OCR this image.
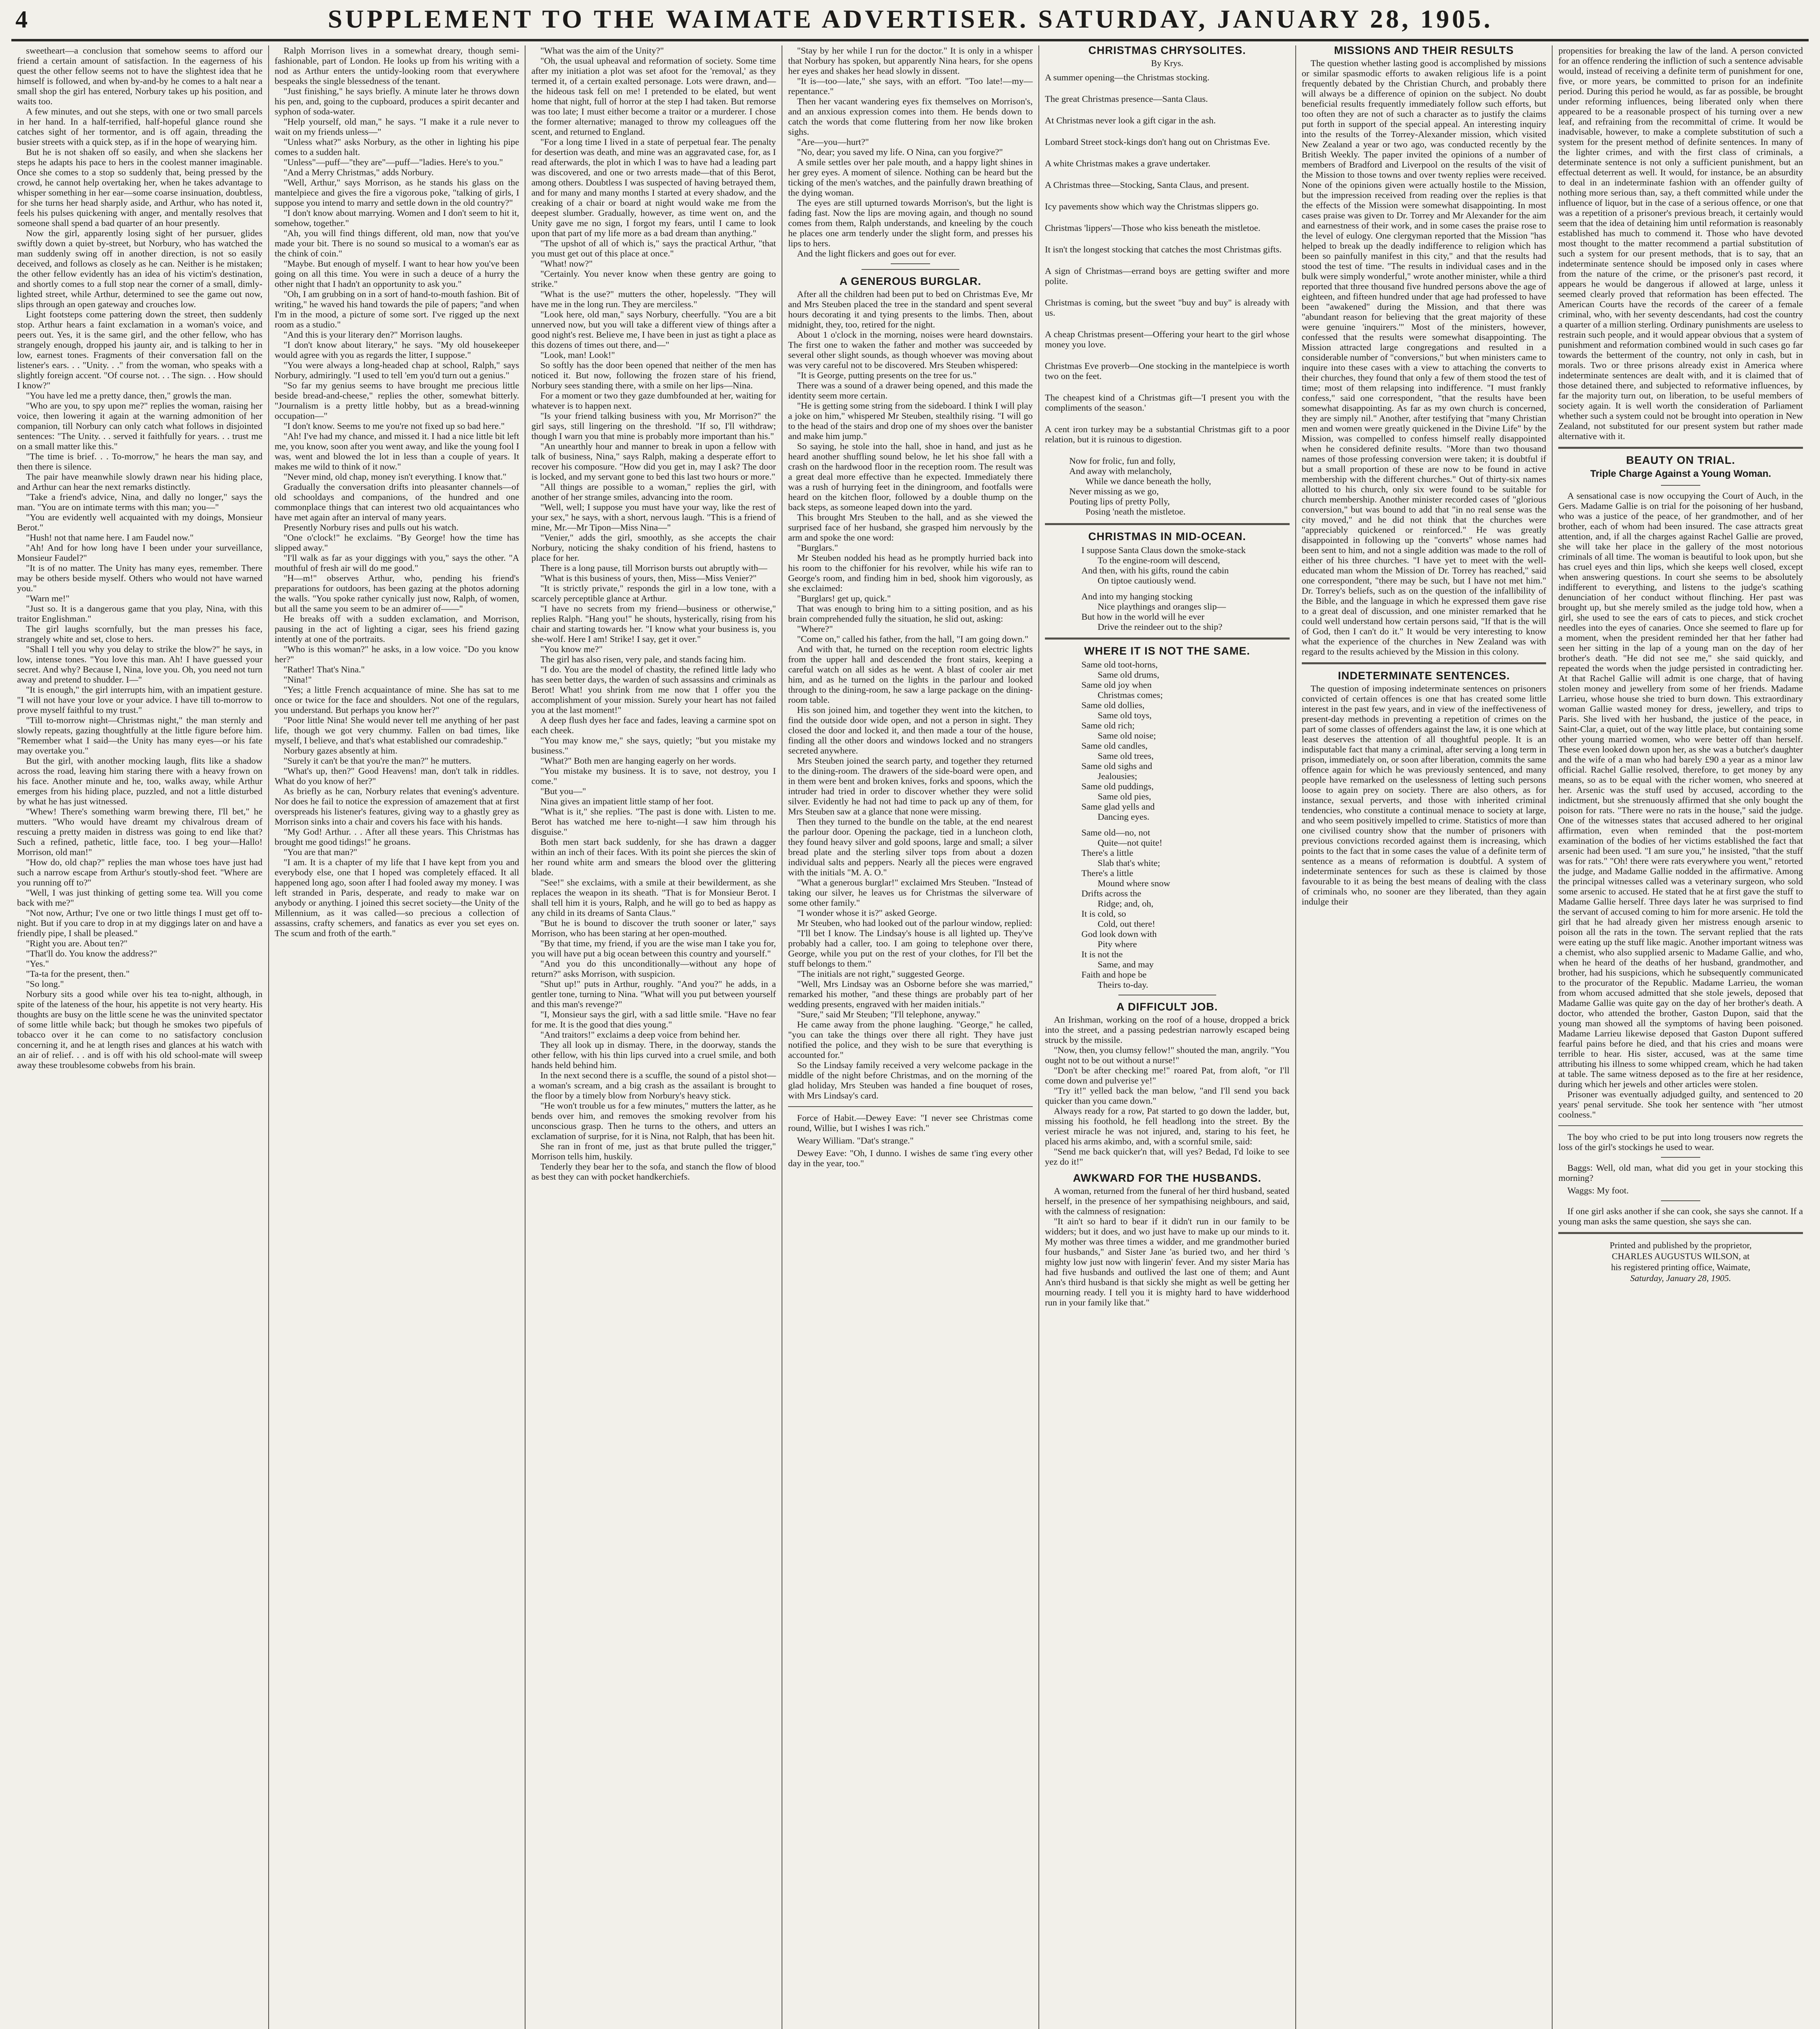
4	SUPPLEMENT TO THE WAIMATE ADVERTISER. SATURDAY, JANUARY 28, 1905.

sweetheart—a conclusion that somehow seems to afford our friend a certain amount of satisfaction. In the eagerness of his quest the other fellow seems not to have the slightest idea that he himself is followed, and when by-and-by he comes to a halt near a small shop the girl has entered, Norbury takes up his position, and waits too.

A few minutes, and out she steps, with one or two small parcels in her hand. In a half-terrified, half-hopeful glance round she catches sight of her tormentor, and is off again, threading the busier streets with a quick step, as if in the hope of wearying him.

But he is not shaken off so easily, and when she slackens her steps he adapts his pace to hers in the coolest manner imaginable. Once she comes to a stop so suddenly that, being pressed by the crowd, he cannot help overtaking her, when he takes advantage to whisper something in her ear—some coarse insinuation, doubtless, for she turns her head sharply aside, and Arthur, who has noted it, feels his pulses quickening with anger, and mentally resolves that someone shall spend a bad quarter of an hour presently.

Now the girl, apparently losing sight of her pursuer, glides swiftly down a quiet by-street, but Norbury, who has watched the man suddenly swing off in another direction, is not so easily deceived, and follows as closely as he can. Neither is he mistaken; the other fellow evidently has an idea of his victim's destination, and shortly comes to a full stop near the corner of a small, dimly-lighted street, while Arthur, determined to see the game out now, slips through an open gateway and crouches low.

Light footsteps come pattering down the street, then suddenly stop. Arthur hears a faint exclamation in a woman's voice, and peers out. Yes, it is the same girl, and the other fellow, who has strangely enough, dropped his jaunty air, and is talking to her in low, earnest tones. Fragments of their conversation fall on the listener's ears. . . "Unity. . ." from the woman, who speaks with a slightly foreign accent. "Of course not. . . The sign. . . How should I know?"

"You have led me a pretty dance, then," growls the man.

"Who are you, to spy upon me?" replies the woman, raising her voice, then lowering it again at the warning admonition of her companion, till Norbury can only catch what follows in disjointed sentences: "The Unity. . . served it faithfully for years. . . trust me on a small matter like this."

"The time is brief. . . To-morrow," he hears the man say, and then there is silence.

The pair have meanwhile slowly drawn near his hiding place, and Arthur can hear the next remarks distinctly.

"Take a friend's advice, Nina, and dally no longer," says the man. "You are on intimate terms with this man; you—"

"You are evidently well acquainted with my doings, Monsieur Berot."

"Hush! not that name here. I am Faudel now."

"Ah! And for how long have I been under your surveillance, Monsieur Faudel?"

"It is of no matter. The Unity has many eyes, remember. There may be others beside myself. Others who would not have warned you."

"Warn me!"

"Just so. It is a dangerous game that you play, Nina, with this traitor Englishman."

The girl laughs scornfully, but the man presses his face, strangely white and set, close to hers.

"Shall I tell you why you delay to strike the blow?" he says, in low, intense tones. "You love this man. Ah! I have guessed your secret. And why? Because I, Nina, love you. Oh, you need not turn away and pretend to shudder. I—"

"It is enough," the girl interrupts him, with an impatient gesture. "I will not have your love or your advice. I have till to-morrow to prove myself faithful to my trust."

"Till to-morrow night—Christmas night," the man sternly and slowly repeats, gazing thoughtfully at the little figure before him. "Remember what I said—the Unity has many eyes—or his fate may overtake you."

But the girl, with another mocking laugh, flits like a shadow across the road, leaving him staring there with a heavy frown on his face. Another minute and he, too, walks away, while Arthur emerges from his hiding place, puzzled, and not a little disturbed by what he has just witnessed.

"Whew! There's something warm brewing there, I'll bet," he mutters. "Who would have dreamt my chivalrous dream of rescuing a pretty maiden in distress was going to end like that? Such a refined, pathetic, little face, too. I beg your—Hallo! Morrison, old man!"

"How do, old chap?" replies the man whose toes have just had such a narrow escape from Arthur's stoutly-shod feet. "Where are you running off to?"

"Well, I was just thinking of getting some tea. Will you come back with me?"

"Not now, Arthur; I've one or two little things I must get off to-night. But if you care to drop in at my diggings later on and have a friendly pipe, I shall be pleased."

"Right you are. About ten?"

"That'll do. You know the address?"

"Yes."

"Ta-ta for the present, then."

"So long."

Norbury sits a good while over his tea to-night, although, in spite of the lateness of the hour, his appetite is not very hearty. His thoughts are busy on the little scene he was the uninvited spectator of some little while back; but though he smokes two pipefuls of tobacco over it he can come to no satisfactory conclusion concerning it, and he at length rises and glances at his watch with an air of relief. . . and is off with his old school-mate will sweep away these troublesome cobwebs from his brain.

Ralph Morrison lives in a somewhat dreary, though semi-fashionable, part of London. He looks up from his writing with a nod as Arthur enters the untidy-looking room that everywhere bespeaks the single blessedness of the tenant.

"Just finishing," he says briefly. A minute later he throws down his pen, and, going to the cupboard, produces a spirit decanter and syphon of soda-water.

"Help yourself, old man," he says. "I make it a rule never to wait on my friends unless—"

"Unless what?" asks Norbury, as the other in lighting his pipe comes to a sudden halt.

"Unless"—puff—"they are"—puff—"ladies. Here's to you."

"And a Merry Christmas," adds Norbury.

"Well, Arthur," says Morrison, as he stands his glass on the mantelpiece and gives the fire a vigorous poke, "talking of girls, I suppose you intend to marry and settle down in the old country?"

"I don't know about marrying. Women and I don't seem to hit it, somehow, together."

"Ah, you will find things different, old man, now that you've made your bit. There is no sound so musical to a woman's ear as the chink of coin."

"Maybe. But enough of myself. I want to hear how you've been going on all this time. You were in such a deuce of a hurry the other night that I hadn't an opportunity to ask you."

"Oh, I am grubbing on in a sort of hand-to-mouth fashion. Bit of writing," he waved his hand towards the pile of papers; "and when I'm in the mood, a picture of some sort. I've rigged up the next room as a studio."

"And this is your literary den?" Morrison laughs.

"I don't know about literary," he says. "My old housekeeper would agree with you as regards the litter, I suppose."

"You were always a long-headed chap at school, Ralph," says Norbury, admiringly. "I used to tell 'em you'd turn out a genius."

"So far my genius seems to have brought me precious little beside bread-and-cheese," replies the other, somewhat bitterly. "Journalism is a pretty little hobby, but as a bread-winning occupation—"

"I don't know. Seems to me you're not fixed up so bad here."

"Ah! I've had my chance, and missed it. I had a nice little bit left me, you know, soon after you went away, and like the young fool I was, went and blowed the lot in less than a couple of years. It makes me wild to think of it now."

"Never mind, old chap, money isn't everything. I know that."

Gradually the conversation drifts into pleasanter channels—of old schooldays and companions, of the hundred and one commonplace things that can interest two old acquaintances who have met again after an interval of many years.

Presently Norbury rises and pulls out his watch.

"One o'clock!" he exclaims. "By George! how the time has slipped away."

"I'll walk as far as your diggings with you," says the other. "A mouthful of fresh air will do me good."

"H—m!" observes Arthur, who, pending his friend's preparations for outdoors, has been gazing at the photos adorning the walls. "You spoke rather cynically just now, Ralph, of women, but all the same you seem to be an admirer of——"

He breaks off with a sudden exclamation, and Morrison, pausing in the act of lighting a cigar, sees his friend gazing intently at one of the portraits.

"Who is this woman?" he asks, in a low voice. "Do you know her?"

"Rather! That's Nina."

"Nina!"

"Yes; a little French acquaintance of mine. She has sat to me once or twice for the face and shoulders. Not one of the regulars, you understand. But perhaps you know her?"

"Poor little Nina! She would never tell me anything of her past life, though we got very chummy. Fallen on bad times, like myself, I believe, and that's what established our comradeship."

Norbury gazes absently at him.

"Surely it can't be that you're the man?" he mutters.

"What's up, then?" Good Heavens! man, don't talk in riddles. What do you know of her?"

As briefly as he can, Norbury relates that evening's adventure. Nor does he fail to notice the expression of amazement that at first overspreads his listener's features, giving way to a ghastly grey as Morrison sinks into a chair and covers his face with his hands.

"My God! Arthur. . . After all these years. This Christmas has brought me good tidings!" he groans.

"You are that man?"

"I am. It is a chapter of my life that I have kept from you and everybody else, one that I hoped was completely effaced. It all happened long ago, soon after I had fooled away my money. I was left stranded in Paris, desperate, and ready to make war on anybody or anything. I joined this secret society—the Unity of the Millennium, as it was called—so precious a collection of assassins, crafty schemers, and fanatics as ever you set eyes on. The scum and froth of the earth."

"What was the aim of the Unity?"

"Oh, the usual upheaval and reformation of society. Some time after my initiation a plot was set afoot for the 'removal,' as they termed it, of a certain exalted personage. Lots were drawn, and—the hideous task fell on me! I pretended to be elated, but went home that night, full of horror at the step I had taken. But remorse was too late; I must either become a traitor or a murderer. I chose the former alternative; managed to throw my colleagues off the scent, and returned to England.

"For a long time I lived in a state of perpetual fear. The penalty for desertion was death, and mine was an aggravated case, for, as I read afterwards, the plot in which I was to have had a leading part was discovered, and one or two arrests made—that of this Berot, among others. Doubtless I was suspected of having betrayed them, and for many and many months I started at every shadow, and the creaking of a chair or board at night would wake me from the deepest slumber. Gradually, however, as time went on, and the Unity gave me no sign, I forgot my fears, until I came to look upon that part of my life more as a bad dream than anything."

"The upshot of all of which is," says the practical Arthur, "that you must get out of this place at once."

"What! now?"

"Certainly. You never know when these gentry are going to strike."

"What is the use?" mutters the other, hopelessly. "They will have me in the long run. They are merciless."

"Look here, old man," says Norbury, cheerfully. "You are a bit unnerved now, but you will take a different view of things after a good night's rest. Believe me, I have been in just as tight a place as this dozens of times out there, and—"

"Look, man! Look!"

So softly has the door been opened that neither of the men has noticed it. But now, following the frozen stare of his friend, Norbury sees standing there, with a smile on her lips—Nina.

For a moment or two they gaze dumbfounded at her, waiting for whatever is to happen next.

"Is your friend talking business with you, Mr Morrison?" the girl says, still lingering on the threshold. "If so, I'll withdraw; though I warn you that mine is probably more important than his."

"An unearthly hour and manner to break in upon a fellow with talk of business, Nina," says Ralph, making a desperate effort to recover his composure. "How did you get in, may I ask? The door is locked, and my servant gone to bed this last two hours or more."

"All things are possible to a woman," replies the girl, with another of her strange smiles, advancing into the room.

"Well, well; I suppose you must have your way, like the rest of your sex," he says, with a short, nervous laugh. "This is a friend of mine, Mr.—Mr Tipon—Miss Nina—"

"Venier," adds the girl, smoothly, as she accepts the chair Norbury, noticing the shaky condition of his friend, hastens to place for her.

There is a long pause, till Morrison bursts out abruptly with—

"What is this business of yours, then, Miss—Miss Venier?"

"It is strictly private," responds the girl in a low tone, with a scarcely perceptible glance at Arthur.

"I have no secrets from my friend—business or otherwise," replies Ralph. "Hang you!" he shouts, hysterically, rising from his chair and starting towards her. "I know what your business is, you she-wolf. Here I am! Strike! I say, get it over."

"You know me?"

The girl has also risen, very pale, and stands facing him.

"I do. You are the model of chastity, the refined little lady who has seen better days, the warden of such assassins and criminals as Berot! What! you shrink from me now that I offer you the accomplishment of your mission. Surely your heart has not failed you at the last moment!"

A deep flush dyes her face and fades, leaving a carmine spot on each cheek.

"You may know me," she says, quietly; "but you mistake my business."

"What?" Both men are hanging eagerly on her words.

"You mistake my business. It is to save, not destroy, you I come."

"But you—"

Nina gives an impatient little stamp of her foot.

"What is it," she replies. "The past is done with. Listen to me. Berot has watched me here to-night—I saw him through his disguise."

Both men start back suddenly, for she has drawn a dagger within an inch of their faces. With its point she pierces the skin of her round white arm and smears the blood over the glittering blade.

"See!" she exclaims, with a smile at their bewilderment, as she replaces the weapon in its sheath. "That is for Monsieur Berot. I shall tell him it is yours, Ralph, and he will go to bed as happy as any child in its dreams of Santa Claus."

"But he is bound to discover the truth sooner or later," says Morrison, who has been staring at her open-mouthed.

"By that time, my friend, if you are the wise man I take you for, you will have put a big ocean between this country and yourself."

"And you do this unconditionally—without any hope of return?" asks Morrison, with suspicion.

"Shut up!" puts in Arthur, roughly. "And you?" he adds, in a gentler tone, turning to Nina. "What will you put between yourself and this man's revenge?"

"I, Monsieur says the girl, with a sad little smile. "Have no fear for me. It is the good that dies young."

"And traitors!" exclaims a deep voice from behind her.

They all look up in dismay. There, in the doorway, stands the other fellow, with his thin lips curved into a cruel smile, and both hands held behind him.

In the next second there is a scuffle, the sound of a pistol shot—a woman's scream, and a big crash as the assailant is brought to the floor by a timely blow from Norbury's heavy stick.

"He won't trouble us for a few minutes," mutters the latter, as he bends over him, and removes the smoking revolver from his unconscious grasp. Then he turns to the others, and utters an exclamation of surprise, for it is Nina, not Ralph, that has been hit.

She ran in front of me, just as that brute pulled the trigger," Morrison tells him, huskily.

Tenderly they bear her to the sofa, and stanch the flow of blood as best they can with pocket handkerchiefs.

"Stay by her while I run for the doctor." It is only in a whisper that Norbury has spoken, but apparently Nina hears, for she opens her eyes and shakes her head slowly in dissent.

"It is—too—late," she says, with an effort. "Too late!—my—repentance."

Then her vacant wandering eyes fix themselves on Morrison's, and an anxious expression comes into them. He bends down to catch the words that come fluttering from her now like broken sighs.

"Are—you—hurt?"

"No, dear; you saved my life. O Nina, can you forgive?"

A smile settles over her pale mouth, and a happy light shines in her grey eyes. A moment of silence. Nothing can be heard but the ticking of the men's watches, and the painfully drawn breathing of the dying woman.

The eyes are still upturned towards Morrison's, but the light is fading fast. Now the lips are moving again, and though no sound comes from them, Ralph understands, and kneeling by the couch he places one arm tenderly under the slight form, and presses his lips to hers.

And the light flickers and goes out for ever.

A GENEROUS BURGLAR.

After all the children had been put to bed on Christmas Eve, Mr and Mrs Steuben placed the tree in the standard and spent several hours decorating it and tying presents to the limbs. Then, about midnight, they, too, retired for the night.

About 1 o'clock in the morning, noises were heard downstairs. The first one to waken the father and mother was succeeded by several other slight sounds, as though whoever was moving about was very careful not to be discovered. Mrs Steuben whispered:

"It is George, putting presents on the tree for us."

There was a sound of a drawer being opened, and this made the identity seem more certain.

"He is getting some string from the sideboard. I think I will play a joke on him," whispered Mr Steuben, stealthily rising. "I will go to the head of the stairs and drop one of my shoes over the banister and make him jump."

So saying, he stole into the hall, shoe in hand, and just as he heard another shuffling sound below, he let his shoe fall with a crash on the hardwood floor in the reception room. The result was a great deal more effective than he expected. Immediately there was a rush of hurrying feet in the diningroom, and footfalls were heard on the kitchen floor, followed by a double thump on the back steps, as someone leaped down into the yard.

This brought Mrs Steuben to the hall, and as she viewed the surprised face of her husband, she grasped him nervously by the arm and spoke the one word:

"Burglars."

Mr Steuben nodded his head as he promptly hurried back into his room to the chiffonier for his revolver, while his wife ran to George's room, and finding him in bed, shook him vigorously, as she exclaimed:

"Burglars! get up, quick."

That was enough to bring him to a sitting position, and as his brain comprehended fully the situation, he slid out, asking:

"Where?"

"Come on," called his father, from the hall, "I am going down."

And with that, he turned on the reception room electric lights from the upper hall and descended the front stairs, keeping a careful watch on all sides as he went. A blast of cooler air met him, and as he turned on the lights in the parlour and looked through to the dining-room, he saw a large package on the dining-room table.

His son joined him, and together they went into the kitchen, to find the outside door wide open, and not a person in sight. They closed the door and locked it, and then made a tour of the house, finding all the other doors and windows locked and no strangers secreted anywhere.

Mrs Steuben joined the search party, and together they returned to the dining-room. The drawers of the side-board were open, and in them were bent and broken knives, forks and spoons, which the intruder had tried in order to discover whether they were solid silver. Evidently he had not had time to pack up any of them, for Mrs Steuben saw at a glance that none were missing.

Then they turned to the bundle on the table, at the end nearest the parlour door. Opening the package, tied in a luncheon cloth, they found heavy silver and gold spoons, large and small; a silver bread plate and the sterling silver tops from about a dozen individual salts and peppers. Nearly all the pieces were engraved with the initials "M. A. O."

"What a generous burglar!" exclaimed Mrs Steuben. "Instead of taking our silver, he leaves us for Christmas the silverware of some other family."

"I wonder whose it is?" asked George.

Mr Steuben, who had looked out of the parlour window, replied:

"I'll bet I know. The Lindsay's house is all lighted up. They've probably had a caller, too. I am going to telephone over there, George, while you put on the rest of your clothes, for I'll bet the stuff belongs to them."

"The initials are not right," suggested George.

"Well, Mrs Lindsay was an Osborne before she was married," remarked his mother, "and these things are probably part of her wedding presents, engraved with her maiden initials."

"Sure," said Mr Steuben; "I'll telephone, anyway."

He came away from the phone laughing. "George," he called, "you can take the things over there all right. They have just notified the police, and they wish to be sure that everything is accounted for."

So the Lindsay family received a very welcome package in the middle of the night before Christmas, and on the morning of the glad holiday, Mrs Steuben was handed a fine bouquet of roses, with Mrs Lindsay's card.

Force of Habit.—Dewey Eave: "I never see Christmas come round, Willie, but I wishes I was rich."

Weary William. "Dat's strange."

Dewey Eave: "Oh, I dunno. I wishes de same t'ing every other day in the year, too."

CHRISTMAS CHRYSOLITES.
By Krys.

A summer opening—the Christmas stocking.

The great Christmas presence—Santa Claus.

At Christmas never look a gift cigar in the ash.

Lombard Street stock-kings don't hang out on Christmas Eve.

A white Christmas makes a grave undertaker.

A Christmas three—Stocking, Santa Claus, and present.

Icy pavements show which way the Christmas slippers go.

Christmas 'lippers'—Those who kiss beneath the mistletoe.

It isn't the longest stocking that catches the most Christmas gifts.

A sign of Christmas—errand boys are getting swifter and more polite.

Christmas is coming, but the sweet "buy and buy" is already with us.

A cheap Christmas present—Offering your heart to the girl whose money you love.

Christmas Eve proverb—One stocking in the mantelpiece is worth two on the feet.

The cheapest kind of a Christmas gift—'I present you with the compliments of the season.'

A cent iron turkey may be a substantial Christmas gift to a poor relation, but it is ruinous to digestion.

Now for frolic, fun and folly,
And away with melancholy,
While we dance beneath the holly,
Never missing as we go,
Pouting lips of pretty Polly,
Posing 'neath the mistletoe.
CHRISTMAS IN MID-OCEAN.
I suppose Santa Claus down the smoke-stack
To the engine-room will descend,
And then, with his gifts, round the cabin
On tiptoe cautiously wend.
And into my hanging stocking
Nice playthings and oranges slip—
But how in the world will he ever
Drive the reindeer out to the ship?
WHERE IT IS NOT THE SAME.
Same old toot-horns,
Same old drums,
Same old joy when
Christmas comes;
Same old dollies,
Same old toys,
Same old rich;
Same old noise;
Same old candles,
Same old trees,
Same old sighs and
Jealousies;
Same old puddings,
Same old pies,
Same glad yells and
Dancing eyes.
Same old—no, not
Quite—not quite!
There's a little
Slab that's white;
There's a little
Mound where snow
Drifts across the
Ridge; and, oh,
It is cold, so
Cold, out there!
God look down with
Pity where
It is not the
Same, and may
Faith and hope be
Theirs to-day.
A DIFFICULT JOB.

An Irishman, working on the roof of a house, dropped a brick into the street, and a passing pedestrian narrowly escaped being struck by the missile.

"Now, then, you clumsy fellow!" shouted the man, angrily. "You ought not to be out without a nurse!"

"Don't be after checking me!" roared Pat, from aloft, "or I'll come down and pulverise ye!"

"Try it!" yelled back the man below, "and I'll send you back quicker than you came down."

Always ready for a row, Pat started to go down the ladder, but, missing his foothold, he fell headlong into the street. By the veriest miracle he was not injured, and, staring to his feet, he placed his arms akimbo, and, with a scornful smile, said:

"Send me back quicker'n that, will yes? Bedad, I'd loike to see yez do it!"

AWKWARD FOR THE HUSBANDS.

A woman, returned from the funeral of her third husband, seated herself, in the presence of her sympathising neighbours, and said, with the calmness of resignation:

"It ain't so hard to bear if it didn't run in our family to be widders; but it does, and wo just have to make up our minds to it. My mother was three times a widder, and me grandmother buried four husbands," and Sister Jane 'as buried two, and her third 's mighty low just now with lingerin' fever. And my sister Maria has had five husbands and outlived the last one of them; and Aunt Ann's third husband is that sickly she might as well be getting her mourning ready. I tell you it is mighty hard to have widderhood run in your family like that."

MISSIONS AND THEIR RESULTS

The question whether lasting good is accomplished by missions or similar spasmodic efforts to awaken religious life is a point frequently debated by the Christian Church, and probably there will always be a difference of opinion on the subject. No doubt beneficial results frequently immediately follow such efforts, but too often they are not of such a character as to justify the claims put forth in support of the special appeal. An interesting inquiry into the results of the Torrey-Alexander mission, which visited New Zealand a year or two ago, was conducted recently by the British Weekly. The paper invited the opinions of a number of members of Bradford and Liverpool on the results of the visit of the Mission to those towns and over twenty replies were received. None of the opinions given were actually hostile to the Mission, but the impression received from reading over the replies is that the effects of the Mission were somewhat disappointing. In most cases praise was given to Dr. Torrey and Mr Alexander for the aim and earnestness of their work, and in some cases the praise rose to the level of eulogy. One clergyman reported that the Mission "has helped to break up the deadly indifference to religion which has been so painfully manifest in this city," and that the results had stood the test of time. "The results in individual cases and in the bulk were simply wonderful," wrote another minister, while a third reported that three thousand five hundred persons above the age of eighteen, and fifteen hundred under that age had professed to have been "awakened" during the Mission, and that there was "abundant reason for believing that the great majority of these were genuine 'inquirers.'" Most of the ministers, however, confessed that the results were somewhat disappointing. The Mission attracted large congregations and resulted in a considerable number of "conversions," but when ministers came to inquire into these cases with a view to attaching the converts to their churches, they found that only a few of them stood the test of time; most of them relapsing into indifference. "I must frankly confess," said one correspondent, "that the results have been somewhat disappointing. As far as my own church is concerned, they are simply nil." Another, after testifying that "many Christian men and women were greatly quickened in the Divine Life" by the Mission, was compelled to confess himself really disappointed when he considered definite results. "More than two thousand names of those professing conversion were taken; it is doubtful if but a small proportion of these are now to be found in active membership with the different churches." Out of thirty-six names allotted to his church, only six were found to be suitable for church membership. Another minister recorded cases of "glorious conversion," but was bound to add that "in no real sense was the city moved," and he did not think that the churches were "appreciably quickened or reinforced." He was greatly disappointed in following up the "converts" whose names had been sent to him, and not a single addition was made to the roll of either of his three churches. "I have yet to meet with the well-educated man whom the Mission of Dr. Torrey has reached," said one correspondent, "there may be such, but I have not met him." Dr. Torrey's beliefs, such as on the question of the infallibility of the Bible, and the language in which he expressed them gave rise to a great deal of discussion, and one minister remarked that he could well understand how certain persons said, "If that is the will of God, then I can't do it." It would be very interesting to know what the experience of the churches in New Zealand was with regard to the results achieved by the Mission in this colony.

INDETERMINATE SENTENCES.

The question of imposing indeterminate sentences on prisoners convicted of certain offences is one that has created some little interest in the past few years, and in view of the ineffectiveness of present-day methods in preventing a repetition of crimes on the part of some classes of offenders against the law, it is one which at least deserves the attention of all thoughtful people. It is an indisputable fact that many a criminal, after serving a long term in prison, immediately on, or soon after liberation, commits the same offence again for which he was previously sentenced, and many people have remarked on the uselessness of letting such persons loose to again prey on society. There are also others, as for instance, sexual perverts, and those with inherited criminal tendencies, who constitute a continual menace to society at large, and who seem positively impelled to crime. Statistics of more than one civilised country show that the number of prisoners with previous convictions recorded against them is increasing, which points to the fact that in some cases the value of a definite term of sentence as a means of reformation is doubtful. A system of indeterminate sentences for such as these is claimed by those favourable to it as being the best means of dealing with the class of criminals who, no sooner are they liberated, than they again indulge their

propensities for breaking the law of the land. A person convicted for an offence rendering the infliction of such a sentence advisable would, instead of receiving a definite term of punishment for one, five, or more years, be committed to prison for an indefinite period. During this period he would, as far as possible, be brought under reforming influences, being liberated only when there appeared to be a reasonable prospect of his turning over a new leaf, and refraining from the recommittal of crime. It would be inadvisable, however, to make a complete substitution of such a system for the present method of definite sentences. In many of the lighter crimes, and with the first class of criminals, a determinate sentence is not only a sufficient punishment, but an effectual deterrent as well. It would, for instance, be an absurdity to deal in an indeterminate fashion with an offender guilty of nothing more serious than, say, a theft committed while under the influence of liquor, but in the case of a serious offence, or one that was a repetition of a prisoner's previous breach, it certainly would seem that the idea of detaining him until reformation is reasonably established has much to commend it. Those who have devoted most thought to the matter recommend a partial substitution of such a system for our present methods, that is to say, that an indeterminate sentence should be imposed only in cases where from the nature of the crime, or the prisoner's past record, it appears he would be dangerous if allowed at large, unless it seemed clearly proved that reformation has been effected. The American Courts have the records of the career of a female criminal, who, with her seventy descendants, had cost the country a quarter of a million sterling. Ordinary punishments are useless to restrain such people, and it would appear obvious that a system of punishment and reformation combined would in such cases go far towards the betterment of the country, not only in cash, but in morals. Two or three prisons already exist in America where indeterminate sentences are dealt with, and it is claimed that of those detained there, and subjected to reformative influences, by far the majority turn out, on liberation, to be useful members of society again. It is well worth the consideration of Parliament whether such a system could not be brought into operation in New Zealand, not substituted for our present system but rather made alternative with it.

BEAUTY ON TRIAL.
Triple Charge Against a Young Woman.

A sensational case is now occupying the Court of Auch, in the Gers. Madame Gallie is on trial for the poisoning of her husband, who was a justice of the peace, of her grandmother, and of her brother, each of whom had been insured. The case attracts great attention, and, if all the charges against Rachel Gallie are proved, she will take her place in the gallery of the most notorious criminals of all time. The woman is beautiful to look upon, but she has cruel eyes and thin lips, which she keeps well closed, except when answering questions. In court she seems to be absolutely indifferent to everything, and listens to the judge's scathing denunciation of her conduct without flinching. Her past was brought up, but she merely smiled as the judge told how, when a girl, she used to see the ears of cats to pieces, and stick crochet needles into the eyes of canaries. Once she seemed to flare up for a moment, when the president reminded her that her father had seen her sitting in the lap of a young man on the day of her brother's death. "He did not see me," she said quickly, and repeated the words when the judge persisted in contradicting her. At that Rachel Gallie will admit is one charge, that of having stolen money and jewellery from some of her friends. Madame Larrieu, whose house she tried to burn down. This extraordinary woman Gallie wasted money for dress, jewellery, and trips to Paris. She lived with her husband, the justice of the peace, in Saint-Clar, a quiet, out of the way little place, but containing some other young married women, who were better off than herself. These even looked down upon her, as she was a butcher's daughter and the wife of a man who had barely £90 a year as a minor law official. Rachel Gallie resolved, therefore, to get money by any means, so as to be equal with the richer women, who sneered at her. Arsenic was the stuff used by accused, according to the indictment, but she strenuously affirmed that she only bought the poison for rats. "There were no rats in the house," said the judge. One of the witnesses states that accused adhered to her original affirmation, even when reminded that the post-mortem examination of the bodies of her victims established the fact that arsenic had been used. "I am sure you," he insisted, "that the stuff was for rats." "Oh! there were rats everywhere you went," retorted the judge, and Madame Gallie nodded in the affirmative. Among the principal witnesses called was a veterinary surgeon, who sold some arsenic to accused. He stated that he at first gave the stuff to Madame Gallie herself. Three days later he was surprised to find the servant of accused coming to him for more arsenic. He told the girl that he had already given her mistress enough arsenic to poison all the rats in the town. The servant replied that the rats were eating up the stuff like magic. Another important witness was a chemist, who also supplied arsenic to Madame Gallie, and who, when he heard of the deaths of her husband, grandmother, and brother, had his suspicions, which he subsequently communicated to the procurator of the Republic. Madame Larrieu, the woman from whom accused admitted that she stole jewels, deposed that Madame Gallie was quite gay on the day of her brother's death. A doctor, who attended the brother, Gaston Dupon, said that the young man showed all the symptoms of having been poisoned. Madame Larrieu likewise deposed that Gaston Dupont suffered fearful pains before he died, and that his cries and moans were terrible to hear. His sister, accused, was at the same time attributing his illness to some whipped cream, which he had taken at table. The same witness deposed as to the fire at her residence, during which her jewels and other articles were stolen.

Prisoner was eventually adjudged guilty, and sentenced to 20 years' penal servitude. She took her sentence with "her utmost coolness."

The boy who cried to be put into long trousers now regrets the loss of the girl's stockings he used to wear.

Baggs: Well, old man, what did you get in your stocking this morning?

Waggs: My foot.

If one girl asks another if she can cook, she says she cannot. If a young man asks the same question, she says she can.

Printed and published by the proprietor,
CHARLES AUGUSTUS WILSON, at
his registered printing office, Waimate,
Saturday, January 28, 1905.
